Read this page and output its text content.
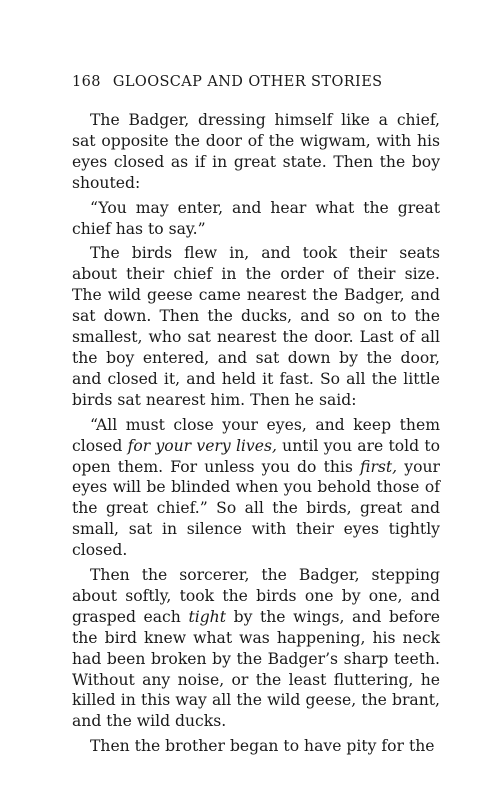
168 GLOOSCAP AND OTHER STORIES

The Badger, dressing himself like a chief, sat opposite the door of the wigwam, with his eyes closed as if in great state. Then the boy shouted:

“You may enter, and hear what the great chief has to say.”

The birds flew in, and took their seats about their chief in the order of their size. The wild geese came nearest the Badger, and sat down. Then the ducks, and so on to the smallest, who sat nearest the door. Last of all the boy entered, and sat down by the door, and closed it, and held it fast. So all the little birds sat nearest him. Then he said:

“All must close your eyes, and keep them closed for your very lives, until you are told to open them. For unless you do this first, your eyes will be blinded when you behold those of the great chief.” So all the birds, great and small, sat in silence with their eyes tightly closed.

Then the sorcerer, the Badger, stepping about softly, took the birds one by one, and grasped each tight by the wings, and before the bird knew what was happening, his neck had been broken by the Badger’s sharp teeth. Without any noise, or the least fluttering, he killed in this way all the wild geese, the brant, and the wild ducks.

Then the brother began to have pity for the
